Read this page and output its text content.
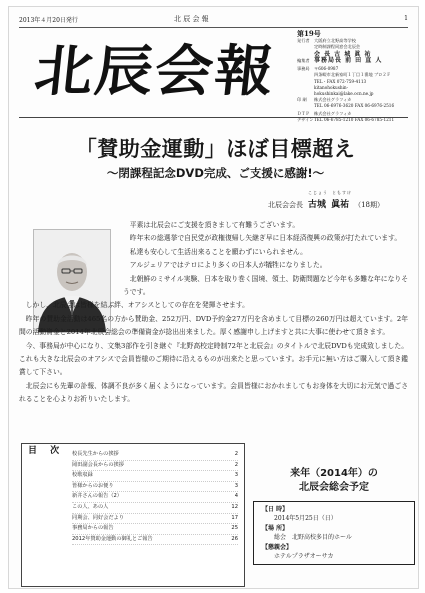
2013年４月20日発行	北 辰 会 報	1
北辰会報
第19号
発行者	大阪府立北野高等学校
定時制課程同窓会北辰会
会 長 古 城 眞 祐
編集者 事務局長 前 田 直 人
事務局	〒606-0987
四条畷市北新家町１丁目１番地 プロ２Ｆ
TEL・FAX 072-759-4113
kitanohokushin-hokushinkai@lake.ocn.ne.jp
印 刷	株式会社グラフィカ
TEL 06-6976-3620 FAX 06-6976-2516
ＤＴＰ	株式会社グラフィカ
デザイン TEL 06-6785-1210 FAX 06-6785-1211
「賛助金運動」ほぼ目標超え
～閉課程記念DVD完成、ご支援に感謝!～
北辰会会長
こじょう
古城
ともすけ
眞祐 （18期）

平素は北辰会にご支援を頂きまして有難うございます。

昨年末の総選挙で自民党が政権復帰し矢継ぎ早に日本経済復興の政策が打たれています。

私達も安心して生活出来ることを願わずにいられません。

アルジェリアではテロにより多くの日本人が犠牲になりました。

北朝鮮のミサイル実験、日本を取り巻く国境、領土、防衛問題など今年も多難な年になりそうです。

しかし、北辰会は皆様を結ぶ絆、オアシスとしての存在を発揮させます。

昨年の賛助金活動は465名の方から賛助金、252万円、DVD予約金27万円を含めまして目標の260万円は超えています。2年間の活動資金と2014年北辰会総会の準備資金が捻出出来ました。厚く感謝申し上げますと共に大事に使わせて頂きます。

今、事務局が中心になり、文集3部作を引き継ぐ『北野高校定時制72年と北辰会』のタイトルで北辰DVDも完成致しました。これも大きな北辰会のオアシスで会員皆様のご期待に沿えるものが出来たと思っています。お手元に無い方はご購入して頂き鑑賞して下さい。

北辰会にも先輩の訃報、体調不良が多く届くようになっています。会員皆様におかれましてもお身体を大切にお元気で過ごされることを心よりお祈りいたします。

目 次	校長先生からの挨拶	2
岡田副会長からの挨拶	2
校歌収録	3
皆様からのお便り	3
新井さんの報告（2）	4
この人、あの人	12
同期会、同好会だより	17
事務局からの報告	25
2012年賛助金運動の御礼とご報告	26
来年（2014年）の
北辰会総会予定
【日 時】
2014年5月25日（日）
【場 所】
総会　北野高校多目的ホール
【懇親会】
ホテルプラザオーサカ
